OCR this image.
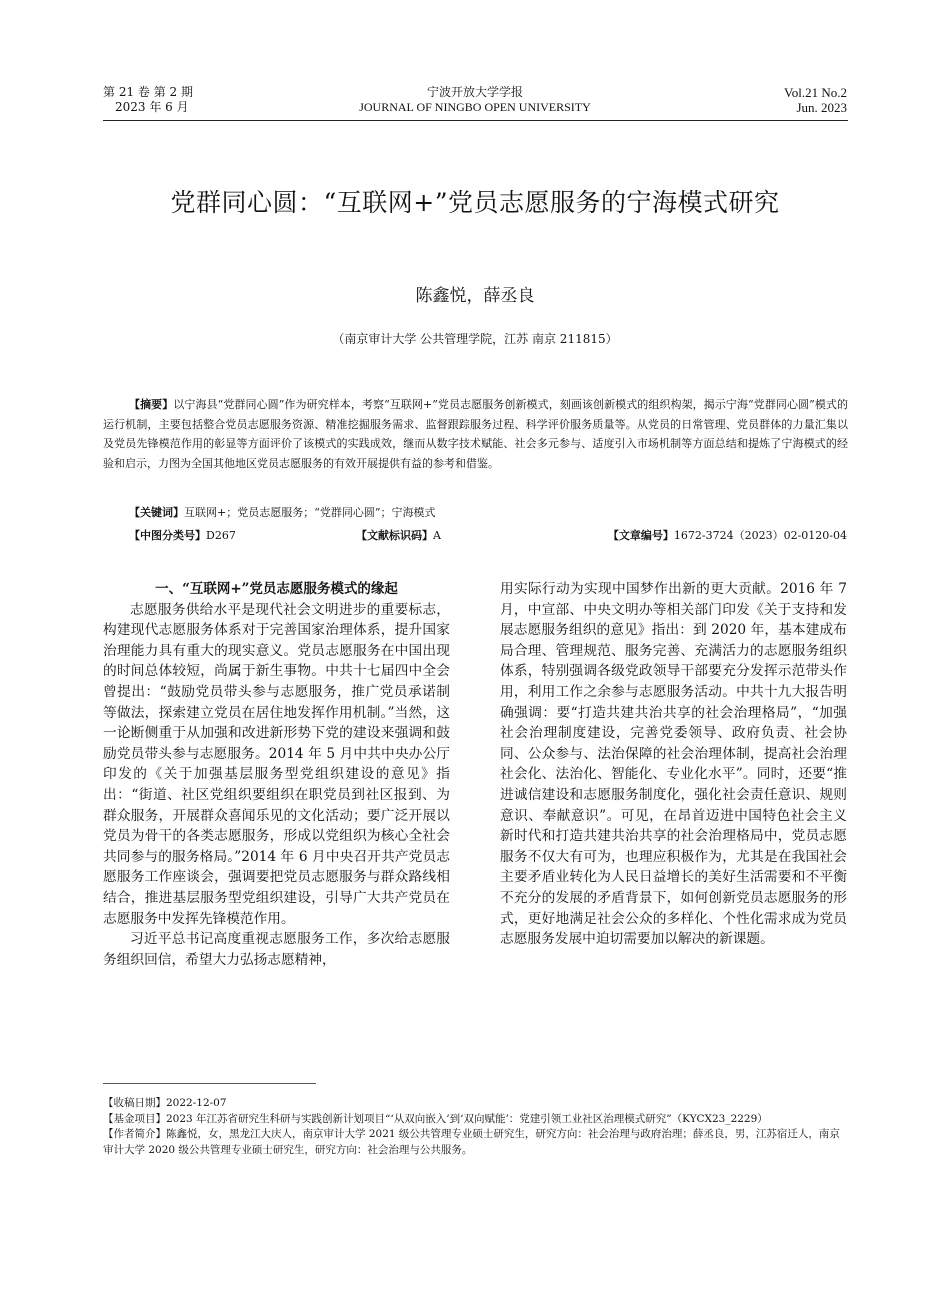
第 21 卷 第 2 期
2023 年 6 月
宁波开放大学学报
JOURNAL OF NINGBO OPEN UNIVERSITY
Vol.21 No.2
Jun. 2023
党群同心圆：“互联网+”党员志愿服务的宁海模式研究
陈鑫悦，薛丞良
（南京审计大学 公共管理学院，江苏 南京 211815）

【摘要】以宁海县“党群同心圆”作为研究样本，考察“互联网+”党员志愿服务创新模式，刻画该创新模式的组织构架，揭示宁海“党群同心圆”模式的运行机制，主要包括整合党员志愿服务资源、精准挖掘服务需求、监督跟踪服务过程、科学评价服务质量等。从党员的日常管理、党员群体的力量汇集以及党员先锋模范作用的彰显等方面评价了该模式的实践成效，继而从数字技术赋能、社会多元参与、适度引入市场机制等方面总结和提炼了宁海模式的经验和启示，力图为全国其他地区党员志愿服务的有效开展提供有益的参考和借鉴。

【关键词】互联网+；党员志愿服务；“党群同心圆”；宁海模式
【中图分类号】D267	【文献标识码】A	【文章编号】1672-3724（2023）02-0120-04

一、“互联网+”党员志愿服务模式的缘起

志愿服务供给水平是现代社会文明进步的重要标志，构建现代志愿服务体系对于完善国家治理体系，提升国家治理能力具有重大的现实意义。党员志愿服务在中国出现的时间总体较短，尚属于新生事物。中共十七届四中全会曾提出：“鼓励党员带头参与志愿服务，推广党员承诺制等做法，探索建立党员在居住地发挥作用机制。”当然，这一论断侧重于从加强和改进新形势下党的建设来强调和鼓励党员带头参与志愿服务。2014 年 5 月中共中央办公厅印发的《关于加强基层服务型党组织建设的意见》指出：“街道、社区党组织要组织在职党员到社区报到、为群众服务，开展群众喜闻乐见的文化活动；要广泛开展以党员为骨干的各类志愿服务，形成以党组织为核心全社会共同参与的服务格局。”2014 年 6 月中央召开共产党员志愿服务工作座谈会，强调要把党员志愿服务与群众路线相结合，推进基层服务型党组织建设，引导广大共产党员在志愿服务中发挥先锋模范作用。

习近平总书记高度重视志愿服务工作，多次给志愿服务组织回信，希望大力弘扬志愿精神，

用实际行动为实现中国梦作出新的更大贡献。2016 年 7 月，中宣部、中央文明办等相关部门印发《关于支持和发展志愿服务组织的意见》指出：到 2020 年，基本建成布局合理、管理规范、服务完善、充满活力的志愿服务组织体系，特别强调各级党政领导干部要充分发挥示范带头作用，利用工作之余参与志愿服务活动。中共十九大报告明确强调：要“打造共建共治共享的社会治理格局”，“加强社会治理制度建设，完善党委领导、政府负责、社会协同、公众参与、法治保障的社会治理体制，提高社会治理社会化、法治化、智能化、专业化水平”。同时，还要“推进诚信建设和志愿服务制度化，强化社会责任意识、规则意识、奉献意识”。可见，在昂首迈进中国特色社会主义新时代和打造共建共治共享的社会治理格局中，党员志愿服务不仅大有可为，也理应积极作为，尤其是在我国社会主要矛盾业转化为人民日益增长的美好生活需要和不平衡不充分的发展的矛盾背景下，如何创新党员志愿服务的形式，更好地满足社会公众的多样化、个性化需求成为党员志愿服务发展中迫切需要加以解决的新课题。

【收稿日期】2022-12-07

【基金项目】2023 年江苏省研究生科研与实践创新计划项目“‘从双向嵌入’到‘双向赋能’：党建引领工业社区治理模式研究”（KYCX23_2229）

【作者简介】陈鑫悦，女，黑龙江大庆人，南京审计大学 2021 级公共管理专业硕士研究生，研究方向：社会治理与政府治理；薛丞良，男，江苏宿迁人，南京审计大学 2020 级公共管理专业硕士研究生，研究方向：社会治理与公共服务。
